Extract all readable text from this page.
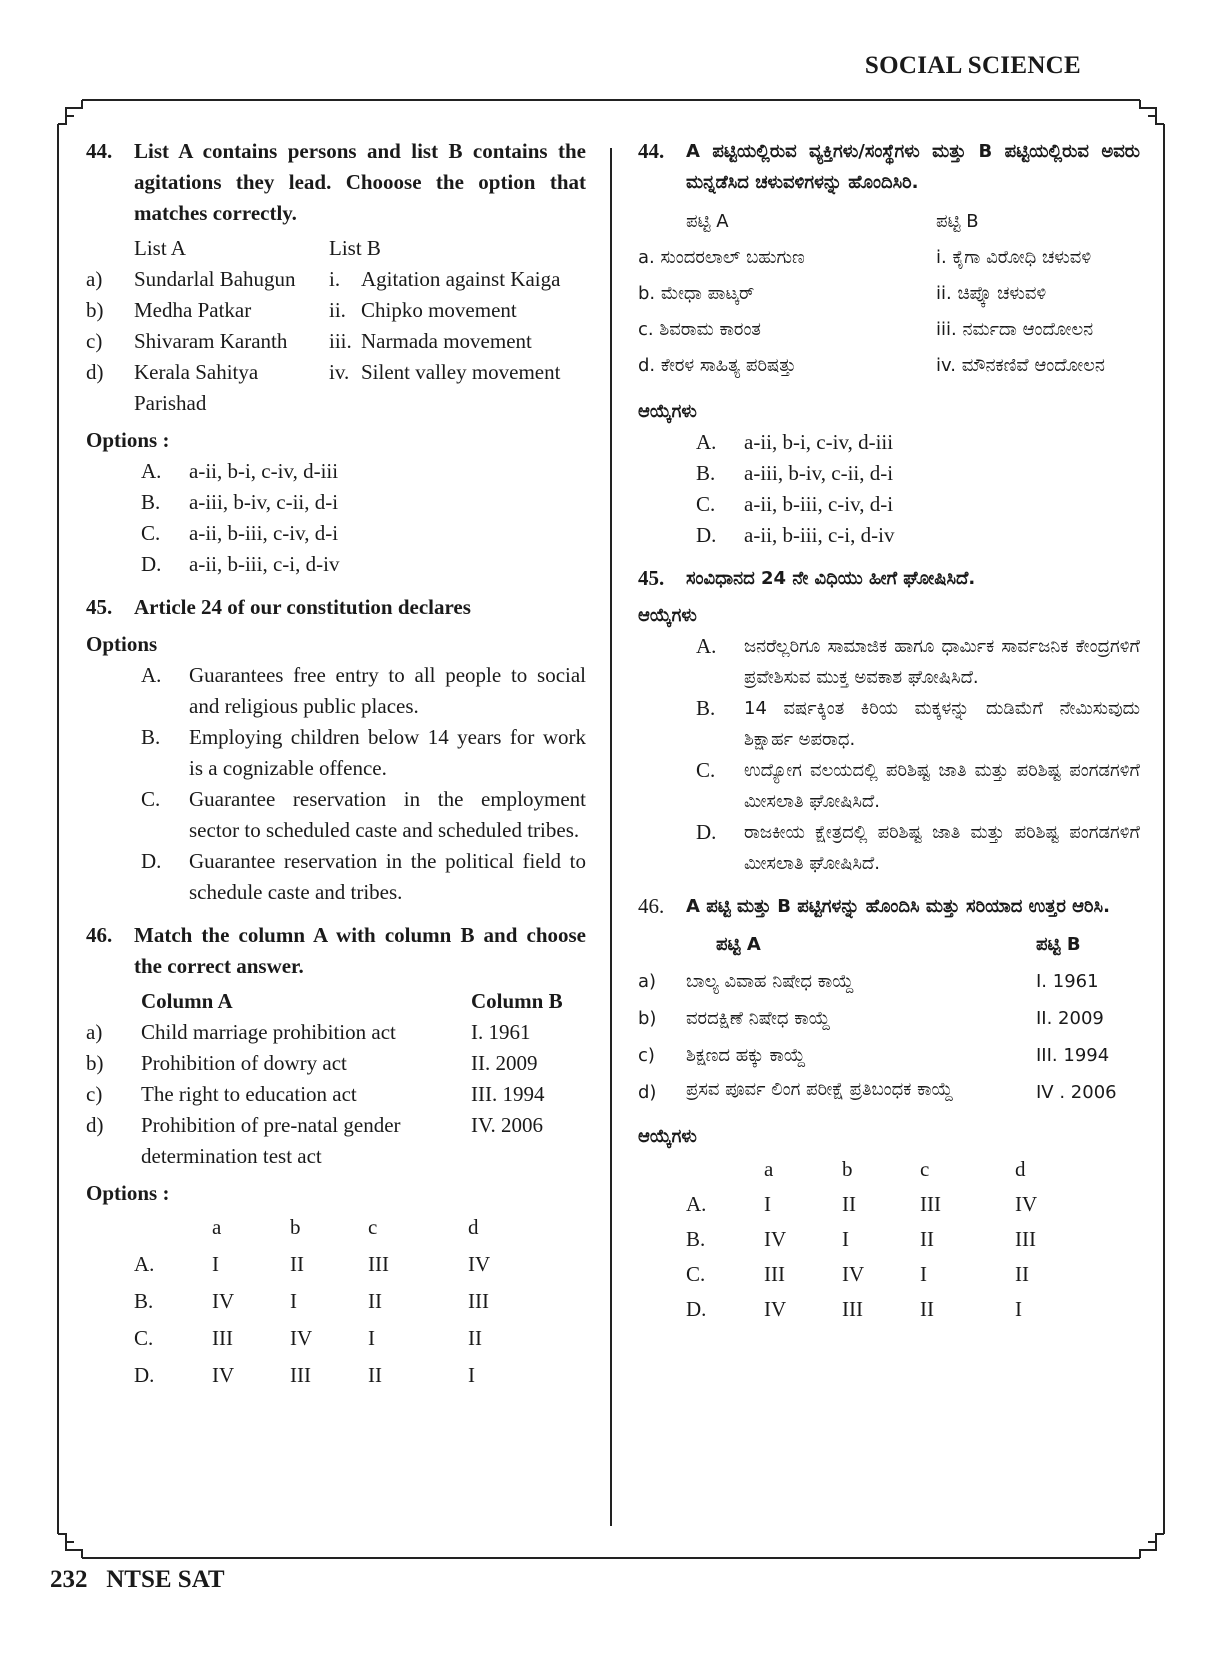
SOCIAL SCIENCE
44.	List A contains persons and list B contains the agitations they lead. Chooose the option that matches correctly.
	List A	List B	
a)	Sundarlal Bahugun	i.	Agitation against Kaiga
b)	Medha Patkar	ii.	Chipko movement
c)	Shivaram Karanth	iii.	Narmada movement
d)	Kerala Sahitya Parishad	iv.	Silent valley movement
Options :
A.	a-ii, b-i, c-iv, d-iii
B.	a-iii, b-iv, c-ii, d-i
C.	a-ii, b-iii, c-iv, d-i
D.	a-ii, b-iii, c-i, d-iv
45.	Article 24 of our constitution declares
Options
A.	Guarantees free entry to all people to social and religious public places.
B.	Employing children below 14 years for work is a cognizable offence.
C.	Guarantee reservation in the employment sector to scheduled caste and scheduled tribes.
D.	Guarantee reservation in the political field to schedule caste and tribes.
46.	Match the column A with column B and choose the correct answer.
	Column A	Column B
a)	Child marriage prohibition act	I. 1961
b)	Prohibition of dowry act	II. 2009
c)	The right to education act	III. 1994
d)	Prohibition of pre-natal gender determination test act	IV. 2006
Options :
	a	b	c	d
A.	I	II	III	IV
B.	IV	I	II	III
C.	III	IV	I	II
D.	IV	III	II	I
44.	A ಪಟ್ಟಿಯಲ್ಲಿರುವ ವ್ಯಕ್ತಿಗಳು/ಸಂಸ್ಥೆಗಳು ಮತ್ತು B ಪಟ್ಟಿಯಲ್ಲಿರುವ ಅವರು ಮನ್ನಡೆಸಿದ ಚಳುವಳಿಗಳನ್ನು ಹೊಂದಿಸಿರಿ.
ಪಟ್ಟಿ A	ಪಟ್ಟಿ B
a. ಸುಂದರಲಾಲ್ ಬಹುಗುಣ	i. ಕೈಗಾ ವಿರೋಧಿ ಚಳುವಳಿ
b. ಮೇಧಾ ಪಾಟ್ಕರ್	ii. ಚಿಪ್ಕೊ ಚಳುವಳಿ
c. ಶಿವರಾಮ ಕಾರಂತ	iii. ನರ್ಮದಾ ಆಂದೋಲನ
d. ಕೇರಳ ಸಾಹಿತ್ಯ ಪರಿಷತ್ತು	iv. ಮೌನಕಣಿವೆ ಆಂದೋಲನ
ಆಯ್ಕೆಗಳು
A.	a-ii, b-i, c-iv, d-iii
B.	a-iii, b-iv, c-ii, d-i
C.	a-ii, b-iii, c-iv, d-i
D.	a-ii, b-iii, c-i, d-iv
45.	ಸಂವಿಧಾನದ 24 ನೇ ವಿಧಿಯು ಹೀಗೆ ಘೋಷಿಸಿದೆ.
ಆಯ್ಕೆಗಳು
A.	ಜನರೆಲ್ಲರಿಗೂ ಸಾಮಾಜಿಕ ಹಾಗೂ ಧಾರ್ಮಿಕ ಸಾರ್ವಜನಿಕ ಕೇಂದ್ರಗಳಿಗೆ ಪ್ರವೇಶಿಸುವ ಮುಕ್ತ ಅವಕಾಶ ಘೋಷಿಸಿದೆ.
B.	14 ವರ್ಷಕ್ಕಿಂತ ಕಿರಿಯ ಮಕ್ಕಳನ್ನು ದುಡಿಮೆಗೆ ನೇಮಿಸುವುದು ಶಿಕ್ಷಾರ್ಹ ಅಪರಾಧ.
C.	ಉದ್ಯೋಗ ವಲಯದಲ್ಲಿ ಪರಿಶಿಷ್ಟ ಜಾತಿ ಮತ್ತು ಪರಿಶಿಷ್ಟ ಪಂಗಡಗಳಿಗೆ ಮೀಸಲಾತಿ ಘೋಷಿಸಿದೆ.
D.	ರಾಜಕೀಯ ಕ್ಷೇತ್ರದಲ್ಲಿ ಪರಿಶಿಷ್ಟ ಜಾತಿ ಮತ್ತು ಪರಿಶಿಷ್ಟ ಪಂಗಡಗಳಿಗೆ ಮೀಸಲಾತಿ ಘೋಷಿಸಿದೆ.
46.	A ಪಟ್ಟಿ ಮತ್ತು B ಪಟ್ಟಿಗಳನ್ನು ಹೊಂದಿಸಿ ಮತ್ತು ಸರಿಯಾದ ಉತ್ತರ ಆರಿಸಿ.
	ಪಟ್ಟಿ A	ಪಟ್ಟಿ B
a)	ಬಾಲ್ಯ ವಿವಾಹ ನಿಷೇಧ ಕಾಯ್ದೆ	I. 1961
b)	ವರದಕ್ಷಿಣೆ ನಿಷೇಧ ಕಾಯ್ದೆ	II. 2009
c)	ಶಿಕ್ಷಣದ ಹಕ್ಕು ಕಾಯ್ದೆ	III. 1994
d)	ಪ್ರಸವ ಪೂರ್ವ ಲಿಂಗ ಪರೀಕ್ಷೆ ಪ್ರತಿಬಂಧಕ ಕಾಯ್ದೆ	IV . 2006
ಆಯ್ಕೆಗಳು
	a	b	c	d
A.	I	II	III	IV
B.	IV	I	II	III
C.	III	IV	I	II
D.	IV	III	II	I
232 NTSE SAT
